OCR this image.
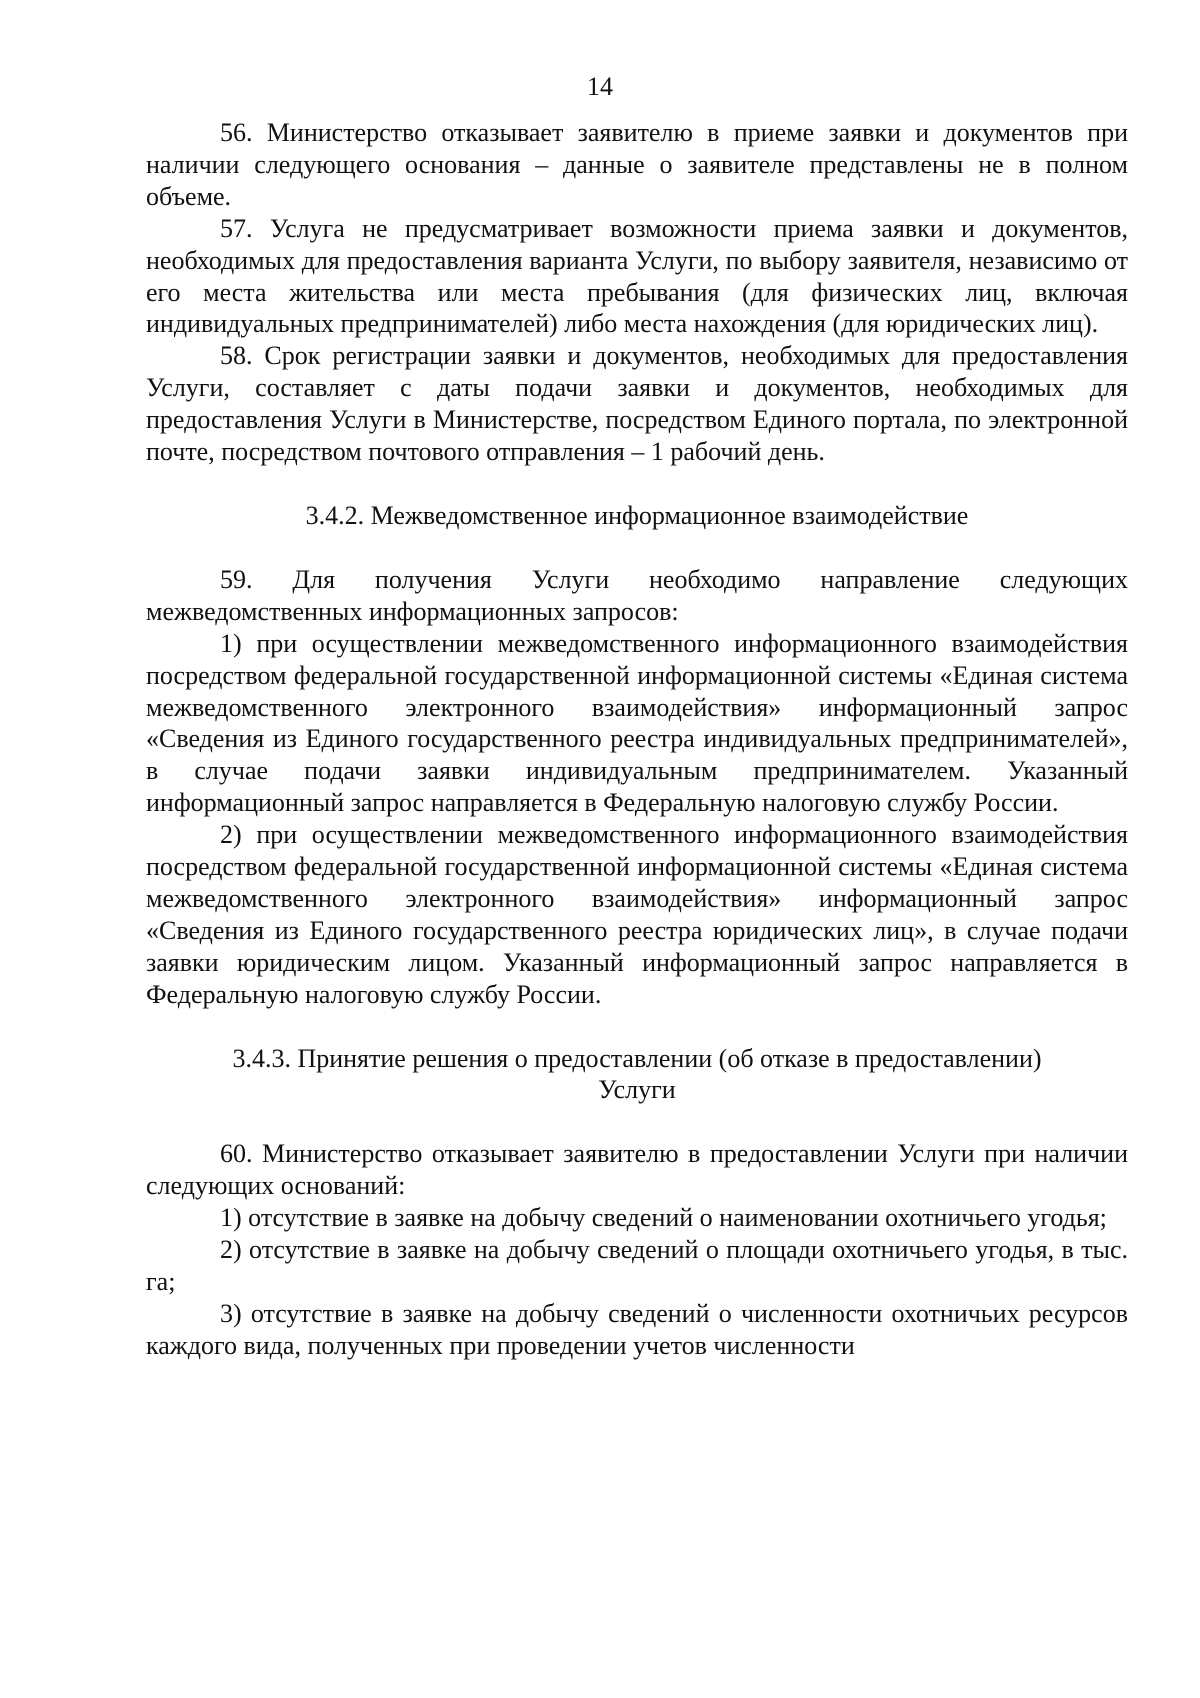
14

56. Министерство отказывает заявителю в приеме заявки и документов при наличии следующего основания – данные о заявителе представлены не в полном объеме.

57. Услуга не предусматривает возможности приема заявки и документов, необходимых для предоставления варианта Услуги, по выбору заявителя, независимо от его места жительства или места пребывания (для физических лиц, включая индивидуальных предпринимателей) либо места нахождения (для юридических лиц).

58. Срок регистрации заявки и документов, необходимых для предоставления Услуги, составляет с даты подачи заявки и документов, необходимых для предоставления Услуги в Министерстве, посредством Единого портала, по электронной почте, посредством почтового отправления – 1 рабочий день.

3.4.2. Межведомственное информационное взаимодействие

59. Для получения Услуги необходимо направление следующих межведомственных информационных запросов:

1) при осуществлении межведомственного информационного взаимодействия посредством федеральной государственной информационной системы «Единая система межведомственного электронного взаимодействия» информационный запрос «Сведения из Единого государственного реестра индивидуальных предпринимателей», в случае подачи заявки индивидуальным предпринимателем. Указанный информационный запрос направляется в Федеральную налоговую службу России.

2) при осуществлении межведомственного информационного взаимодействия посредством федеральной государственной информационной системы «Единая система межведомственного электронного взаимодействия» информационный запрос «Сведения из Единого государственного реестра юридических лиц», в случае подачи заявки юридическим лицом. Указанный информационный запрос направляется в Федеральную налоговую службу России.

3.4.3. Принятие решения о предоставлении (об отказе в предоставлении) Услуги

60. Министерство отказывает заявителю в предоставлении Услуги при наличии следующих оснований:

1) отсутствие в заявке на добычу сведений о наименовании охотничьего угодья;

2) отсутствие в заявке на добычу сведений о площади охотничьего угодья, в тыс. га;

3) отсутствие в заявке на добычу сведений о численности охотничьих ресурсов каждого вида, полученных при проведении учетов численности
